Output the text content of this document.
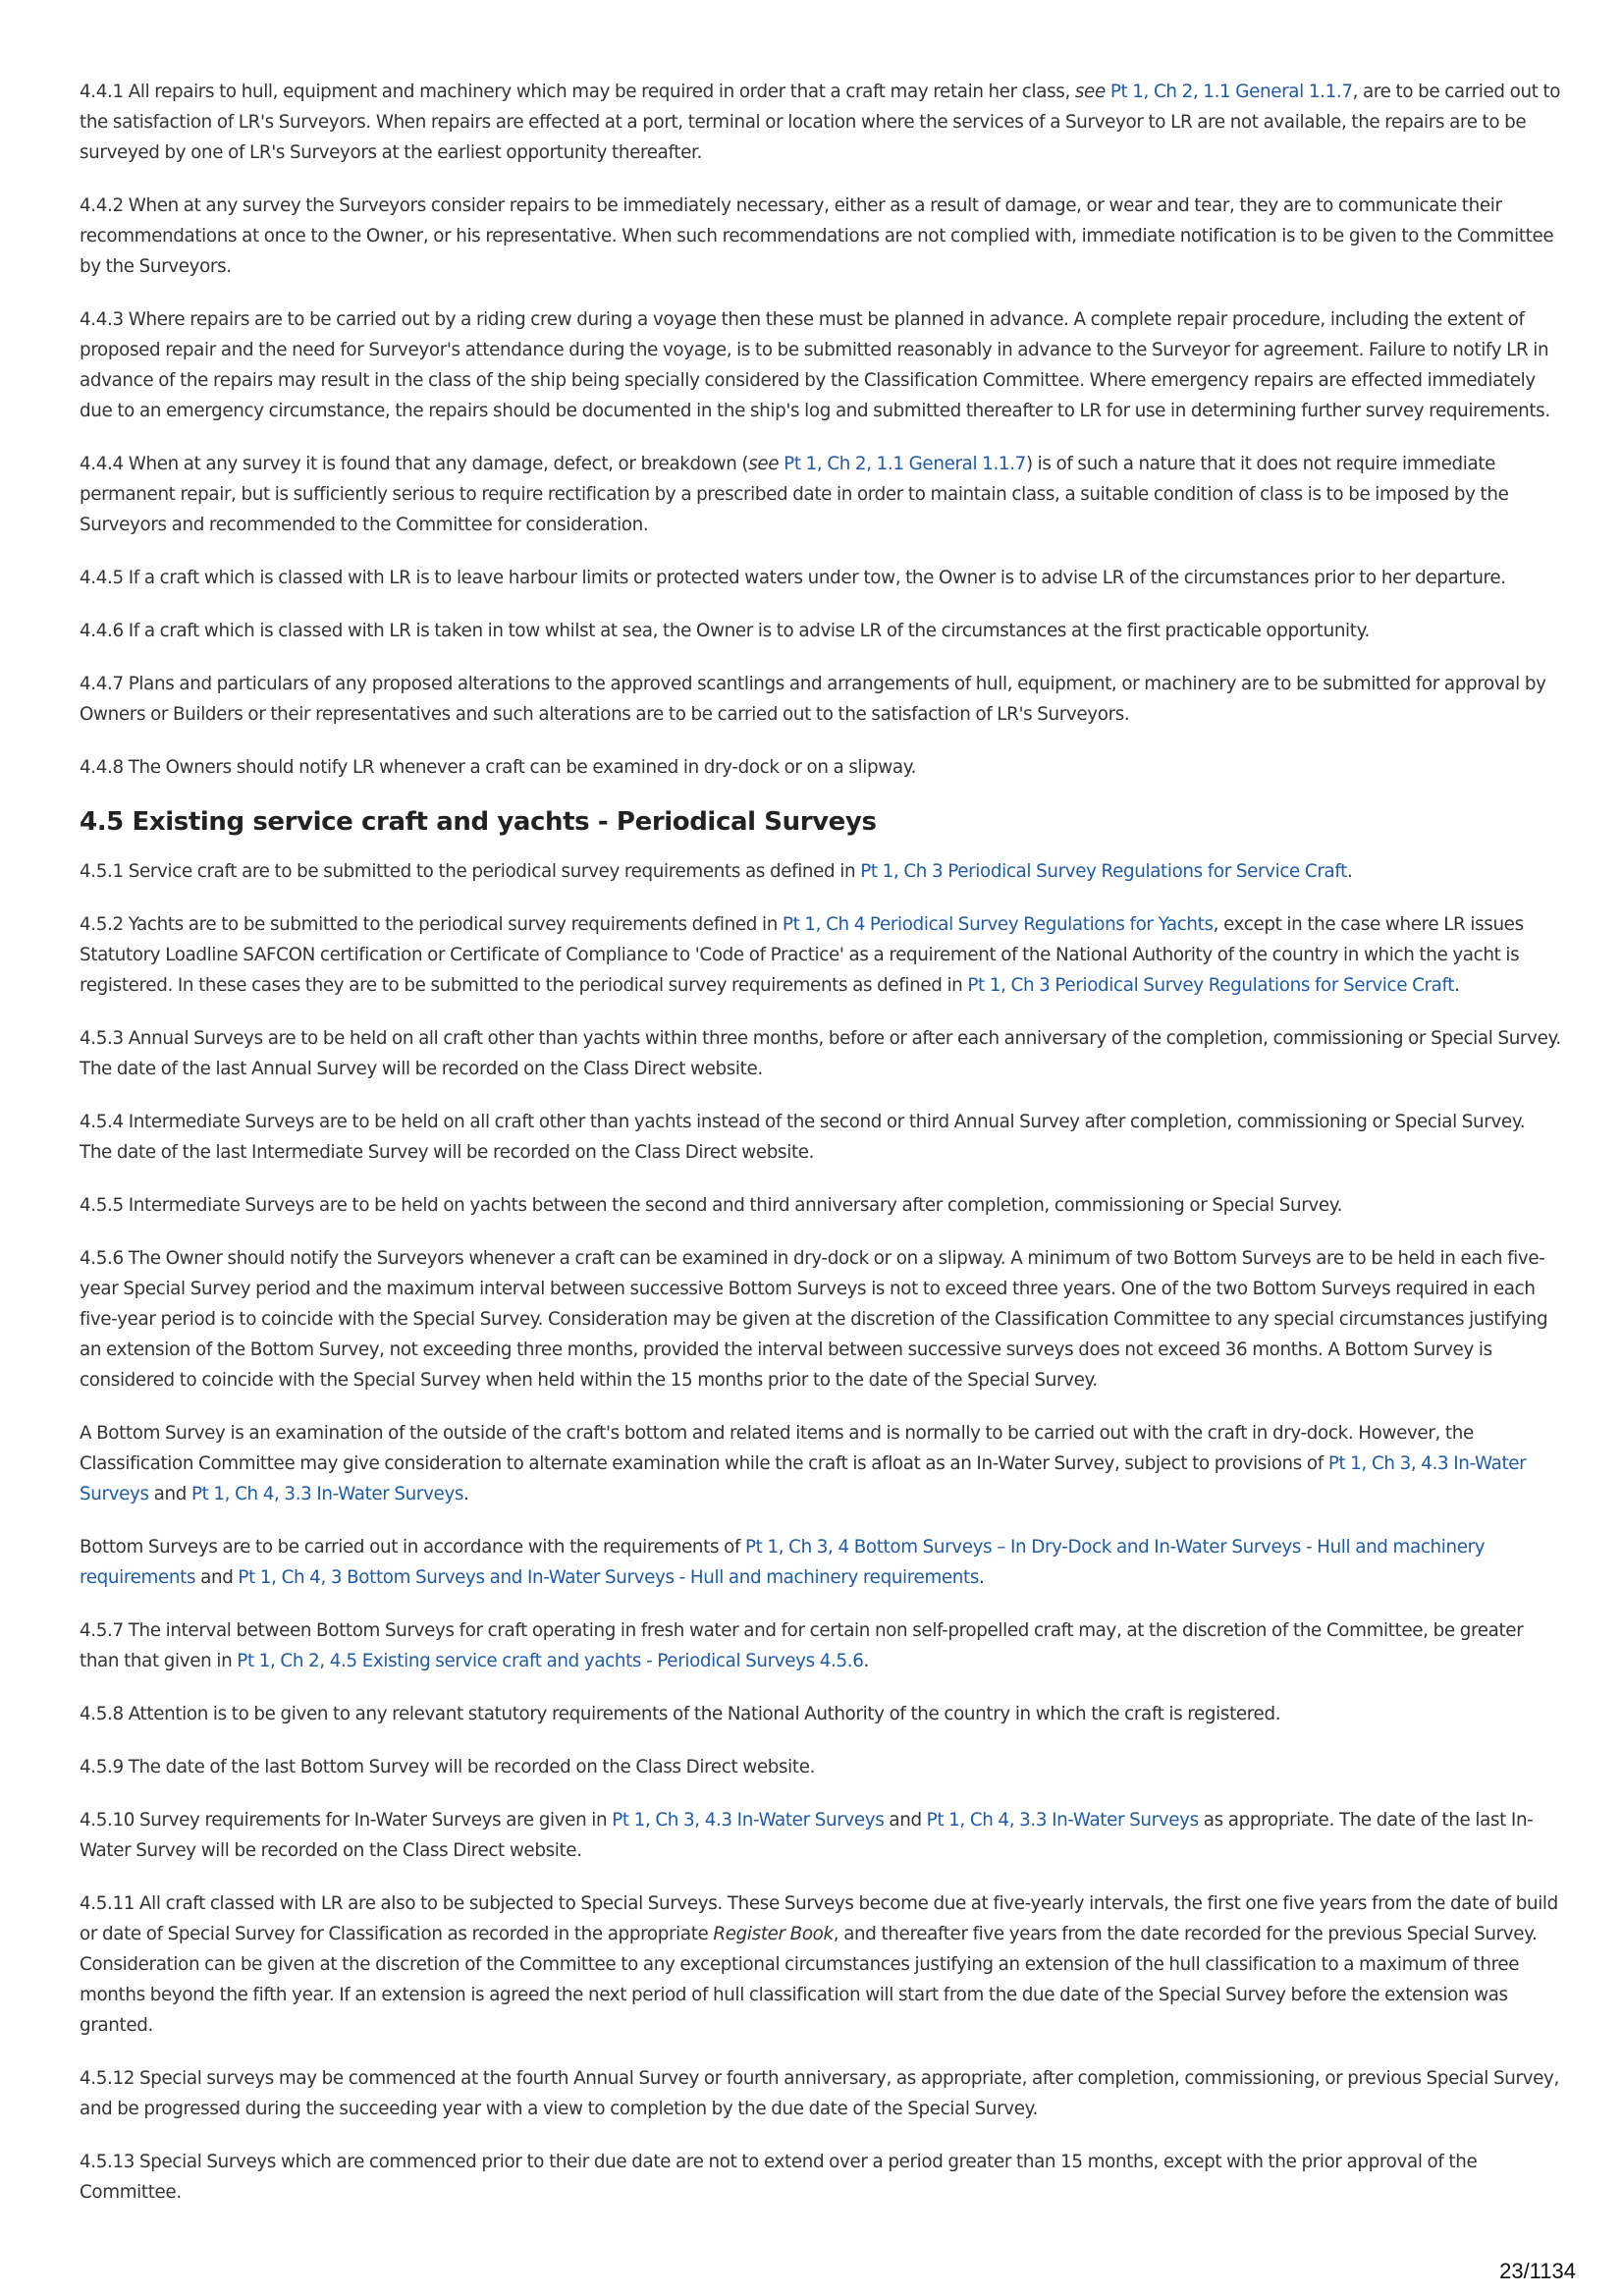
4.4.1 All repairs to hull, equipment and machinery which may be required in order that a craft may retain her class, see Pt 1, Ch 2, 1.1 General 1.1.7, are to be carried out to the satisfaction of LR's Surveyors. When repairs are effected at a port, terminal or location where the services of a Surveyor to LR are not available, the repairs are to be surveyed by one of LR's Surveyors at the earliest opportunity thereafter.

4.4.2 When at any survey the Surveyors consider repairs to be immediately necessary, either as a result of damage, or wear and tear, they are to communicate their recommendations at once to the Owner, or his representative. When such recommendations are not complied with, immediate notification is to be given to the Committee by the Surveyors.

4.4.3 Where repairs are to be carried out by a riding crew during a voyage then these must be planned in advance. A complete repair procedure, including the extent of proposed repair and the need for Surveyor's attendance during the voyage, is to be submitted reasonably in advance to the Surveyor for agreement. Failure to notify LR in advance of the repairs may result in the class of the ship being specially considered by the Classification Committee. Where emergency repairs are effected immediately due to an emergency circumstance, the repairs should be documented in the ship's log and submitted thereafter to LR for use in determining further survey requirements.

4.4.4 When at any survey it is found that any damage, defect, or breakdown (see Pt 1, Ch 2, 1.1 General 1.1.7) is of such a nature that it does not require immediate permanent repair, but is sufficiently serious to require rectification by a prescribed date in order to maintain class, a suitable condition of class is to be imposed by the Surveyors and recommended to the Committee for consideration.

4.4.5 If a craft which is classed with LR is to leave harbour limits or protected waters under tow, the Owner is to advise LR of the circumstances prior to her departure.

4.4.6 If a craft which is classed with LR is taken in tow whilst at sea, the Owner is to advise LR of the circumstances at the first practicable opportunity.

4.4.7 Plans and particulars of any proposed alterations to the approved scantlings and arrangements of hull, equipment, or machinery are to be submitted for approval by Owners or Builders or their representatives and such alterations are to be carried out to the satisfaction of LR's Surveyors.

4.4.8 The Owners should notify LR whenever a craft can be examined in dry-dock or on a slipway.

4.5 Existing service craft and yachts - Periodical Surveys

4.5.1 Service craft are to be submitted to the periodical survey requirements as defined in Pt 1, Ch 3 Periodical Survey Regulations for Service Craft.

4.5.2 Yachts are to be submitted to the periodical survey requirements defined in Pt 1, Ch 4 Periodical Survey Regulations for Yachts, except in the case where LR issues Statutory Loadline SAFCON certification or Certificate of Compliance to 'Code of Practice' as a requirement of the National Authority of the country in which the yacht is registered. In these cases they are to be submitted to the periodical survey requirements as defined in Pt 1, Ch 3 Periodical Survey Regulations for Service Craft.

4.5.3 Annual Surveys are to be held on all craft other than yachts within three months, before or after each anniversary of the completion, commissioning or Special Survey. The date of the last Annual Survey will be recorded on the Class Direct website.

4.5.4 Intermediate Surveys are to be held on all craft other than yachts instead of the second or third Annual Survey after completion, commissioning or Special Survey. The date of the last Intermediate Survey will be recorded on the Class Direct website.

4.5.5 Intermediate Surveys are to be held on yachts between the second and third anniversary after completion, commissioning or Special Survey.

4.5.6 The Owner should notify the Surveyors whenever a craft can be examined in dry-dock or on a slipway. A minimum of two Bottom Surveys are to be held in each five-year Special Survey period and the maximum interval between successive Bottom Surveys is not to exceed three years. One of the two Bottom Surveys required in each five-year period is to coincide with the Special Survey. Consideration may be given at the discretion of the Classification Committee to any special circumstances justifying an extension of the Bottom Survey, not exceeding three months, provided the interval between successive surveys does not exceed 36 months. A Bottom Survey is considered to coincide with the Special Survey when held within the 15 months prior to the date of the Special Survey.

A Bottom Survey is an examination of the outside of the craft's bottom and related items and is normally to be carried out with the craft in dry-dock. However, the Classification Committee may give consideration to alternate examination while the craft is afloat as an In-Water Survey, subject to provisions of Pt 1, Ch 3, 4.3 In-Water Surveys and Pt 1, Ch 4, 3.3 In-Water Surveys.

Bottom Surveys are to be carried out in accordance with the requirements of Pt 1, Ch 3, 4 Bottom Surveys – In Dry-Dock and In-Water Surveys - Hull and machinery requirements and Pt 1, Ch 4, 3 Bottom Surveys and In-Water Surveys - Hull and machinery requirements.

4.5.7 The interval between Bottom Surveys for craft operating in fresh water and for certain non self-propelled craft may, at the discretion of the Committee, be greater than that given in Pt 1, Ch 2, 4.5 Existing service craft and yachts - Periodical Surveys 4.5.6.

4.5.8 Attention is to be given to any relevant statutory requirements of the National Authority of the country in which the craft is registered.

4.5.9 The date of the last Bottom Survey will be recorded on the Class Direct website.

4.5.10 Survey requirements for In-Water Surveys are given in Pt 1, Ch 3, 4.3 In-Water Surveys and Pt 1, Ch 4, 3.3 In-Water Surveys as appropriate. The date of the last In-Water Survey will be recorded on the Class Direct website.

4.5.11 All craft classed with LR are also to be subjected to Special Surveys. These Surveys become due at five-yearly intervals, the first one five years from the date of build or date of Special Survey for Classification as recorded in the appropriate Register Book, and thereafter five years from the date recorded for the previous Special Survey. Consideration can be given at the discretion of the Committee to any exceptional circumstances justifying an extension of the hull classification to a maximum of three months beyond the fifth year. If an extension is agreed the next period of hull classification will start from the due date of the Special Survey before the extension was granted.

4.5.12 Special surveys may be commenced at the fourth Annual Survey or fourth anniversary, as appropriate, after completion, commissioning, or previous Special Survey, and be progressed during the succeeding year with a view to completion by the due date of the Special Survey.

4.5.13 Special Surveys which are commenced prior to their due date are not to extend over a period greater than 15 months, except with the prior approval of the Committee.

23/1134
